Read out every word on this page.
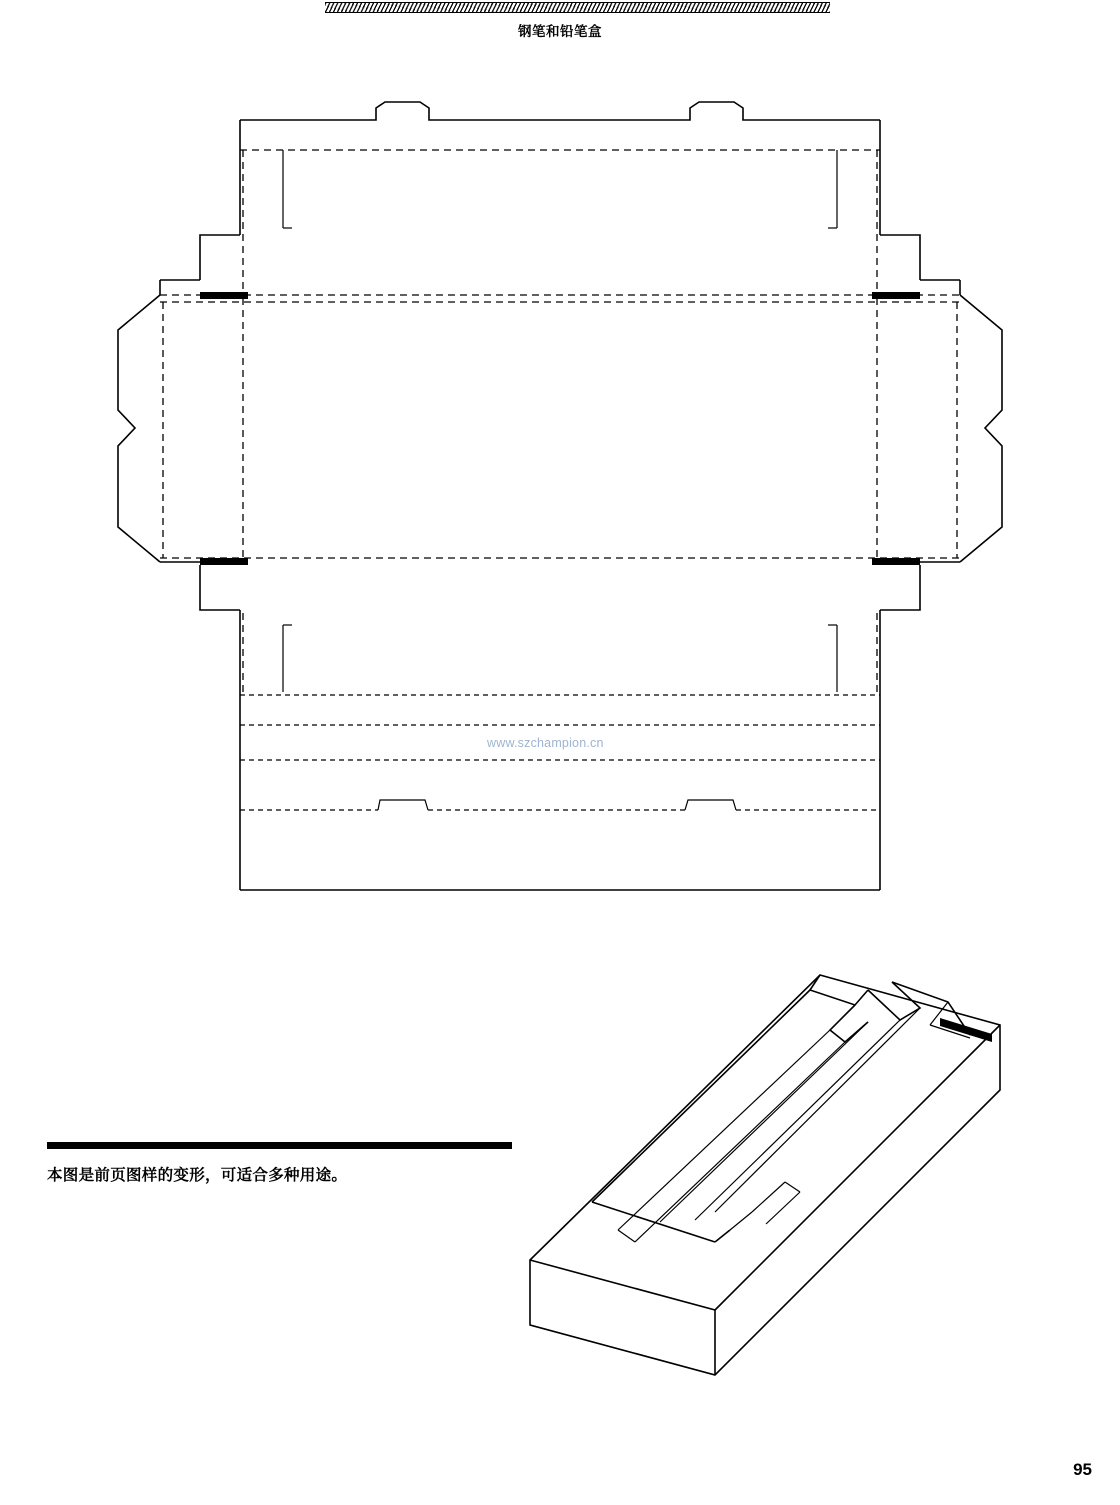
钢笔和铅笔盒
www.szchampion.cn
本图是前页图样的变形，可适合多种用途。
95
